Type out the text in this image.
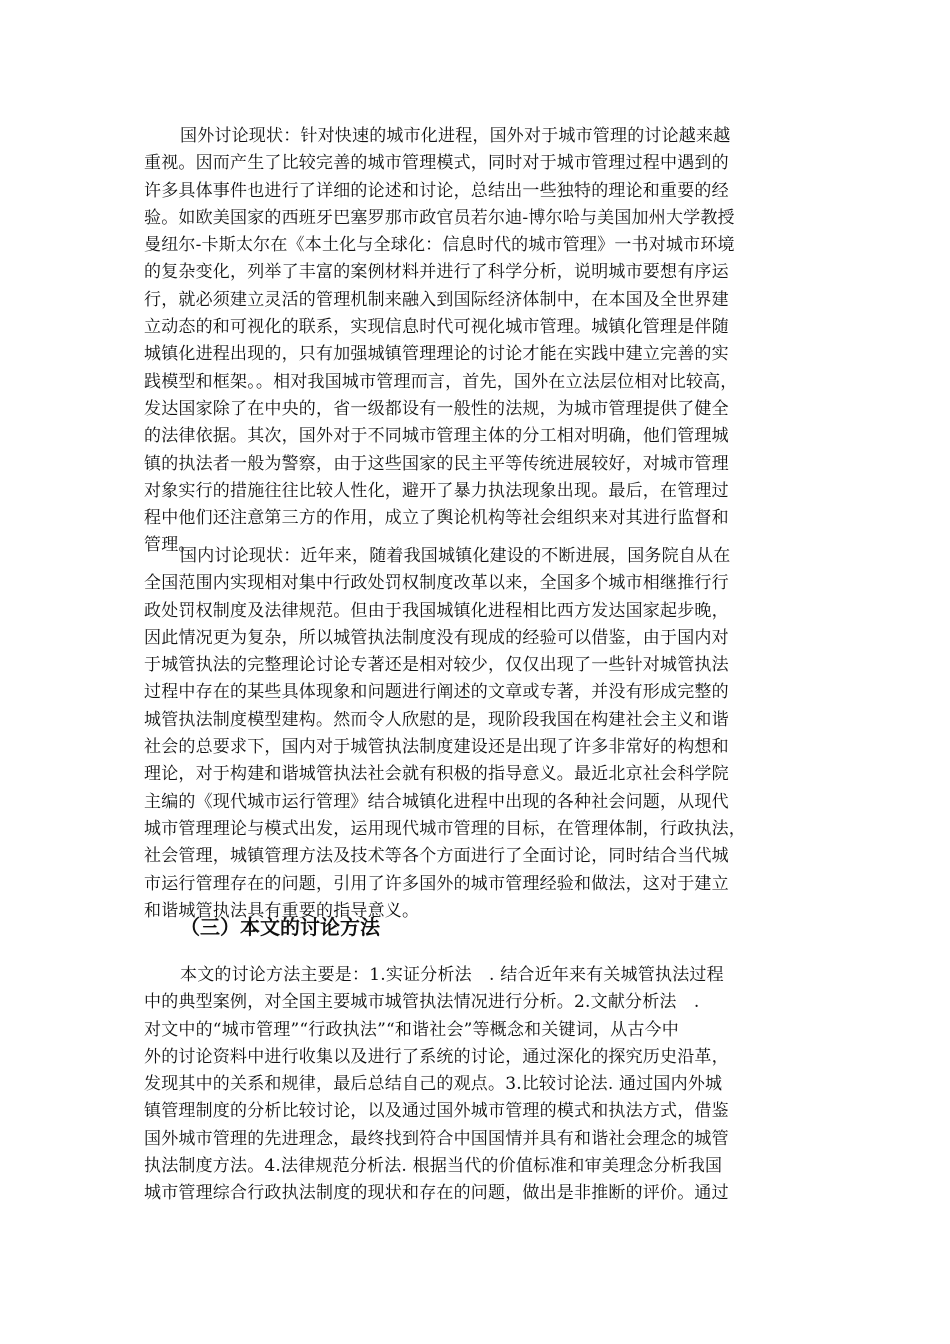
国外讨论现状：针对快速的城市化进程，国外对于城市管理的讨论越来越
重视。因而产生了比较完善的城市管理模式，同时对于城市管理过程中遇到的
许多具体事件也进行了详细的论述和讨论，总结出一些独特的理论和重要的经
验。如欧美国家的西班牙巴塞罗那市政官员若尔迪-博尔哈与美国加州大学教授
曼纽尔-卡斯太尔在《本土化与全球化：信息时代的城市管理》一书对城市环境
的复杂变化，列举了丰富的案例材料并进行了科学分析，说明城市要想有序运
行，就必须建立灵活的管理机制来融入到国际经济体制中，在本国及全世界建
立动态的和可视化的联系，实现信息时代可视化城市管理。城镇化管理是伴随
城镇化进程出现的，只有加强城镇管理理论的讨论才能在实践中建立完善的实
践模型和框架。。相对我国城市管理而言，首先，国外在立法层位相对比较高，
发达国家除了在中央的，省一级都设有一般性的法规，为城市管理提供了健全
的法律依据。其次，国外对于不同城市管理主体的分工相对明确，他们管理城
镇的执法者一般为警察，由于这些国家的民主平等传统进展较好，对城市管理
对象实行的措施往往比较人性化，避开了暴力执法现象出现。最后，在管理过
程中他们还注意第三方的作用，成立了舆论机构等社会组织来对其进行监督和
管理。
国内讨论现状：近年来，随着我国城镇化建设的不断进展，国务院自从在
全国范围内实现相对集中行政处罚权制度改革以来，全国多个城市相继推行行
政处罚权制度及法律规范。但由于我国城镇化进程相比西方发达国家起步晚，
因此情况更为复杂，所以城管执法制度没有现成的经验可以借鉴，由于国内对
于城管执法的完整理论讨论专著还是相对较少，仅仅出现了一些针对城管执法
过程中存在的某些具体现象和问题进行阐述的文章或专著，并没有形成完整的
城管执法制度模型建构。然而令人欣慰的是，现阶段我国在构建社会主义和谐
社会的总要求下，国内对于城管执法制度建设还是出现了许多非常好的构想和
理论，对于构建和谐城管执法社会就有积极的指导意义。最近北京社会科学院
主编的《现代城市运行管理》结合城镇化进程中出现的各种社会问题，从现代
城市管理理论与模式出发，运用现代城市管理的目标，在管理体制，行政执法，
社会管理，城镇管理方法及技术等各个方面进行了全面讨论，同时结合当代城
市运行管理存在的问题，引用了许多国外的城市管理经验和做法，这对于建立
和谐城管执法具有重要的指导意义。
（三）本文的讨论方法
本文的讨论方法主要是：1.实证分析法　. 结合近年来有关城管执法过程
中的典型案例，对全国主要城市城管执法情况进行分析。2.文献分析法　.
对文中的“城市管理”“行政执法”“和谐社会”等概念和关键词，从古今中
外的讨论资料中进行收集以及进行了系统的讨论，通过深化的探究历史沿革，
发现其中的关系和规律，最后总结自己的观点。3.比较讨论法. 通过国内外城
镇管理制度的分析比较讨论，以及通过国外城市管理的模式和执法方式，借鉴
国外城市管理的先进理念，最终找到符合中国国情并具有和谐社会理念的城管
执法制度方法。4.法律规范分析法. 根据当代的价值标准和审美理念分析我国
城市管理综合行政执法制度的现状和存在的问题，做出是非推断的评价。通过
